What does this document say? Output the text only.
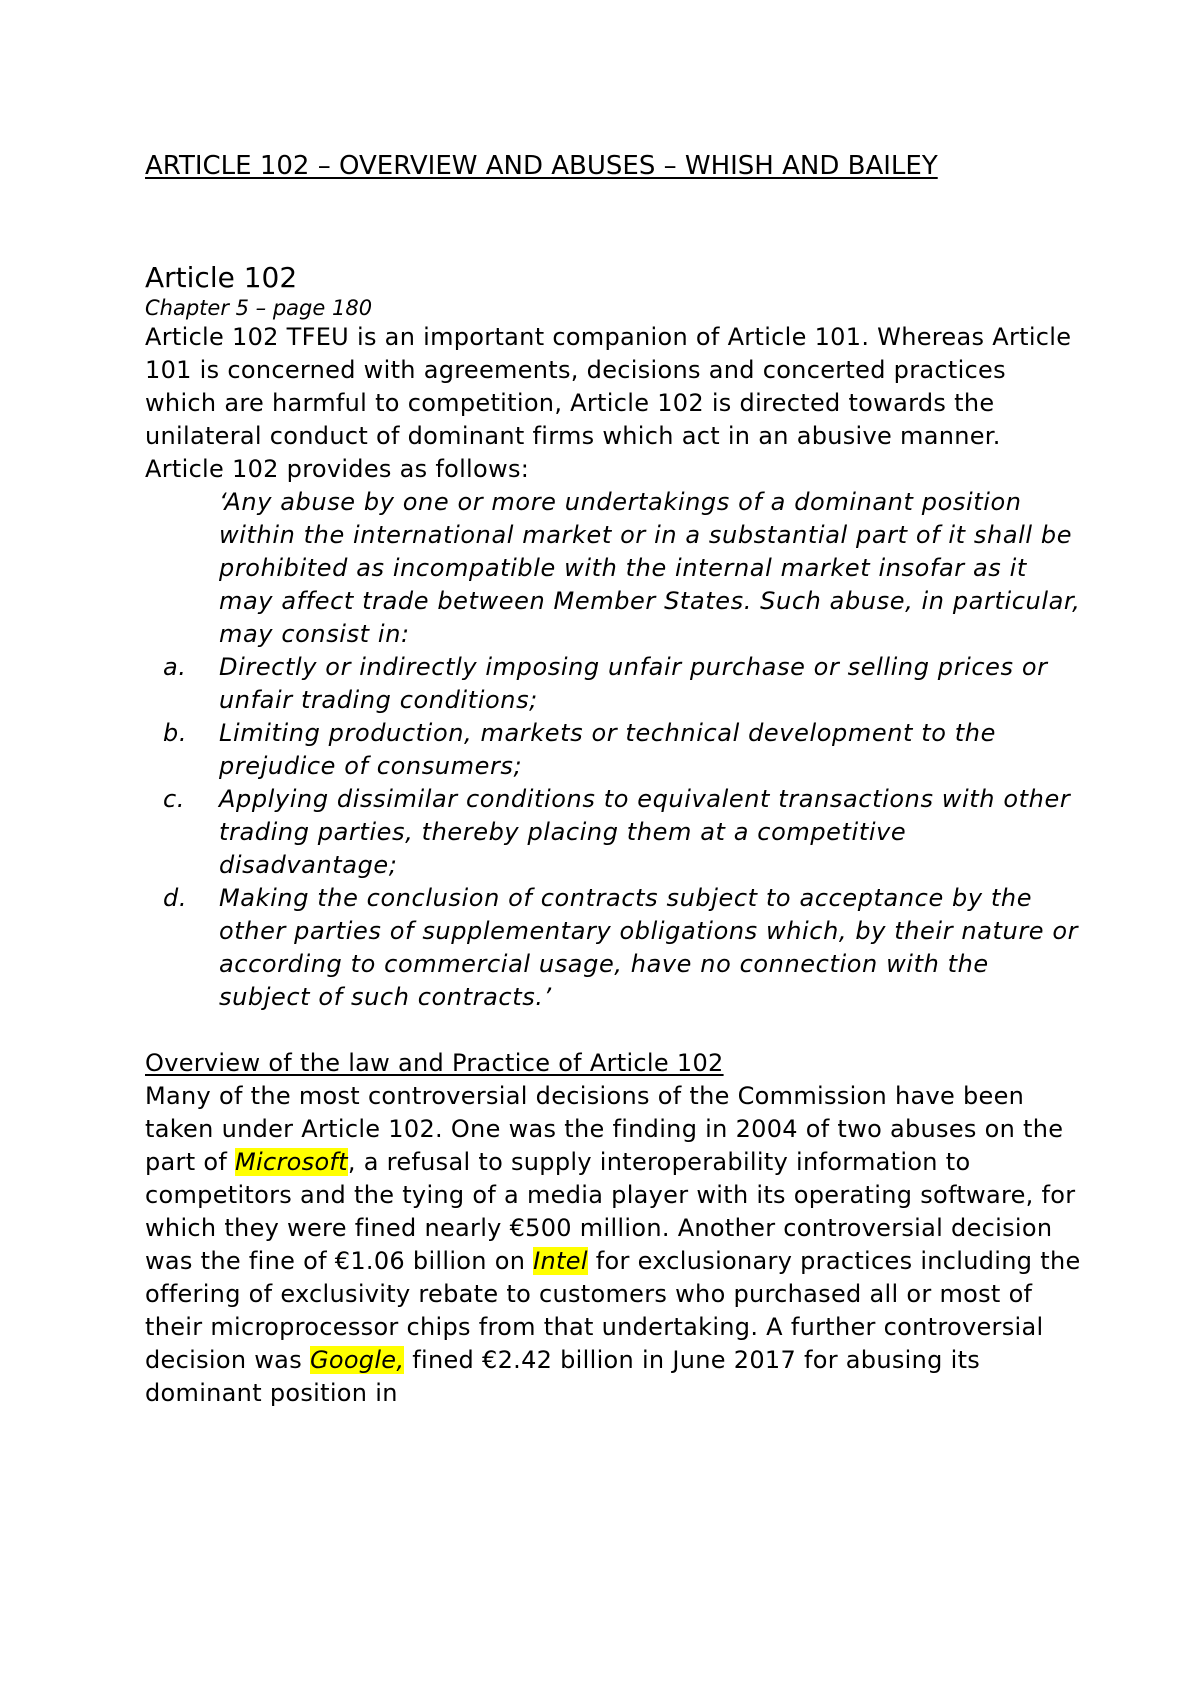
ARTICLE 102 – OVERVIEW AND ABUSES – WHISH AND BAILEY
Article 102

Chapter 5 – page 180

Article 102 TFEU is an important companion of Article 101. Whereas Article 101 is concerned with agreements, decisions and concerted practices which are harmful to competition, Article 102 is directed towards the unilateral conduct of dominant firms which act in an abusive manner. Article 102 provides as follows:

‘Any abuse by one or more undertakings of a dominant position within the international market or in a substantial part of it shall be prohibited as incompatible with the internal market insofar as it may affect trade between Member States. Such abuse, in particular, may consist in:

a.	Directly or indirectly imposing unfair purchase or selling prices or unfair trading conditions;
b.	Limiting production, markets or technical development to the prejudice of consumers;
c.	Applying dissimilar conditions to equivalent transactions with other trading parties, thereby placing them at a competitive disadvantage;
d.	Making the conclusion of contracts subject to acceptance by the other parties of supplementary obligations which, by their nature or according to commercial usage, have no connection with the subject of such contracts.’
Overview of the law and Practice of Article 102

Many of the most controversial decisions of the Commission have been taken under Article 102. One was the finding in 2004 of two abuses on the part of Microsoft, a refusal to supply interoperability information to competitors and the tying of a media player with its operating software, for which they were fined nearly €500 million. Another controversial decision was the fine of €1.06 billion on Intel for exclusionary practices including the offering of exclusivity rebate to customers who purchased all or most of their microprocessor chips from that undertaking. A further controversial decision was Google, fined €2.42 billion in June 2017 for abusing its dominant position in
